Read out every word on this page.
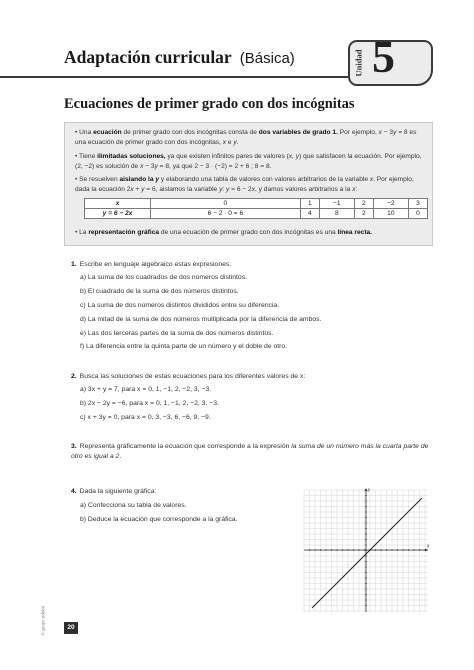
Adaptación curricular (Básica)	Unidad 5
Ecuaciones de primer grado con dos incógnitas

• Una ecuación de primer grado con dos incógnitas consta de dos variables de grado 1. Por ejemplo, x − 3y = 8 es una ecuación de primer grado con dos incógnitas, x e y.

• Tiene ilimitadas soluciones, ya que existen infinitos pares de valores (x, y) que satisfacen la ecuación. Por ejemplo, (2, −2) es solución de x − 3y = 8, ya que 2 − 3 · (−2) = 2 + 6 ; 8 = 8.

• Se resuelven aislando la y y elaborando una tabla de valores con valores arbitrarios de la variable x. Por ejemplo, dada la ecuación 2x + y = 6, aislamos la variable y: y = 6 − 2x, y damos valores arbitrarios a la x:

x	0	1	−1	2	−2	3
y = 6 − 2x	6 − 2 · 0 = 6	4	8	2	10	0

• La representación gráfica de una ecuación de primer grado con dos incógnitas es una línea recta.

1. Escribe en lenguaje algebraico estas expresiones:
a) La suma de los cuadrados de dos números distintos.
b) El cuadrado de la suma de dos números distintos.
c) La suma de dos números distintos divididos entre su diferencia.
d) La mitad de la suma de dos números multiplicada por la diferencia de ambos.
e) Las dos terceras partes de la suma de dos números distintos.
f) La diferencia entre la quinta parte de un número y el doble de otro.
2. Busca las soluciones de estas ecuaciones para los diferentes valores de x:
a) 3x + y = 7, para x = 0, 1, −1, 2, −2, 3, −3.
b) 2x − 2y = −6, para x = 0, 1, −1, 2, −2, 3, −3.
c) x + 3y = 0, para x = 0, 3, −3, 6, −6, 9, −9.
3. Representa gráficamente la ecuación que corresponde a la expresión la suma de un número más la cuarta parte de otro es igual a 2.
4. Dada la siguiente gráfica:
a) Confecciona su tabla de valores.
b) Deduce la ecuación que corresponde a la gráfica.
x
y
© grupo edebé	20
